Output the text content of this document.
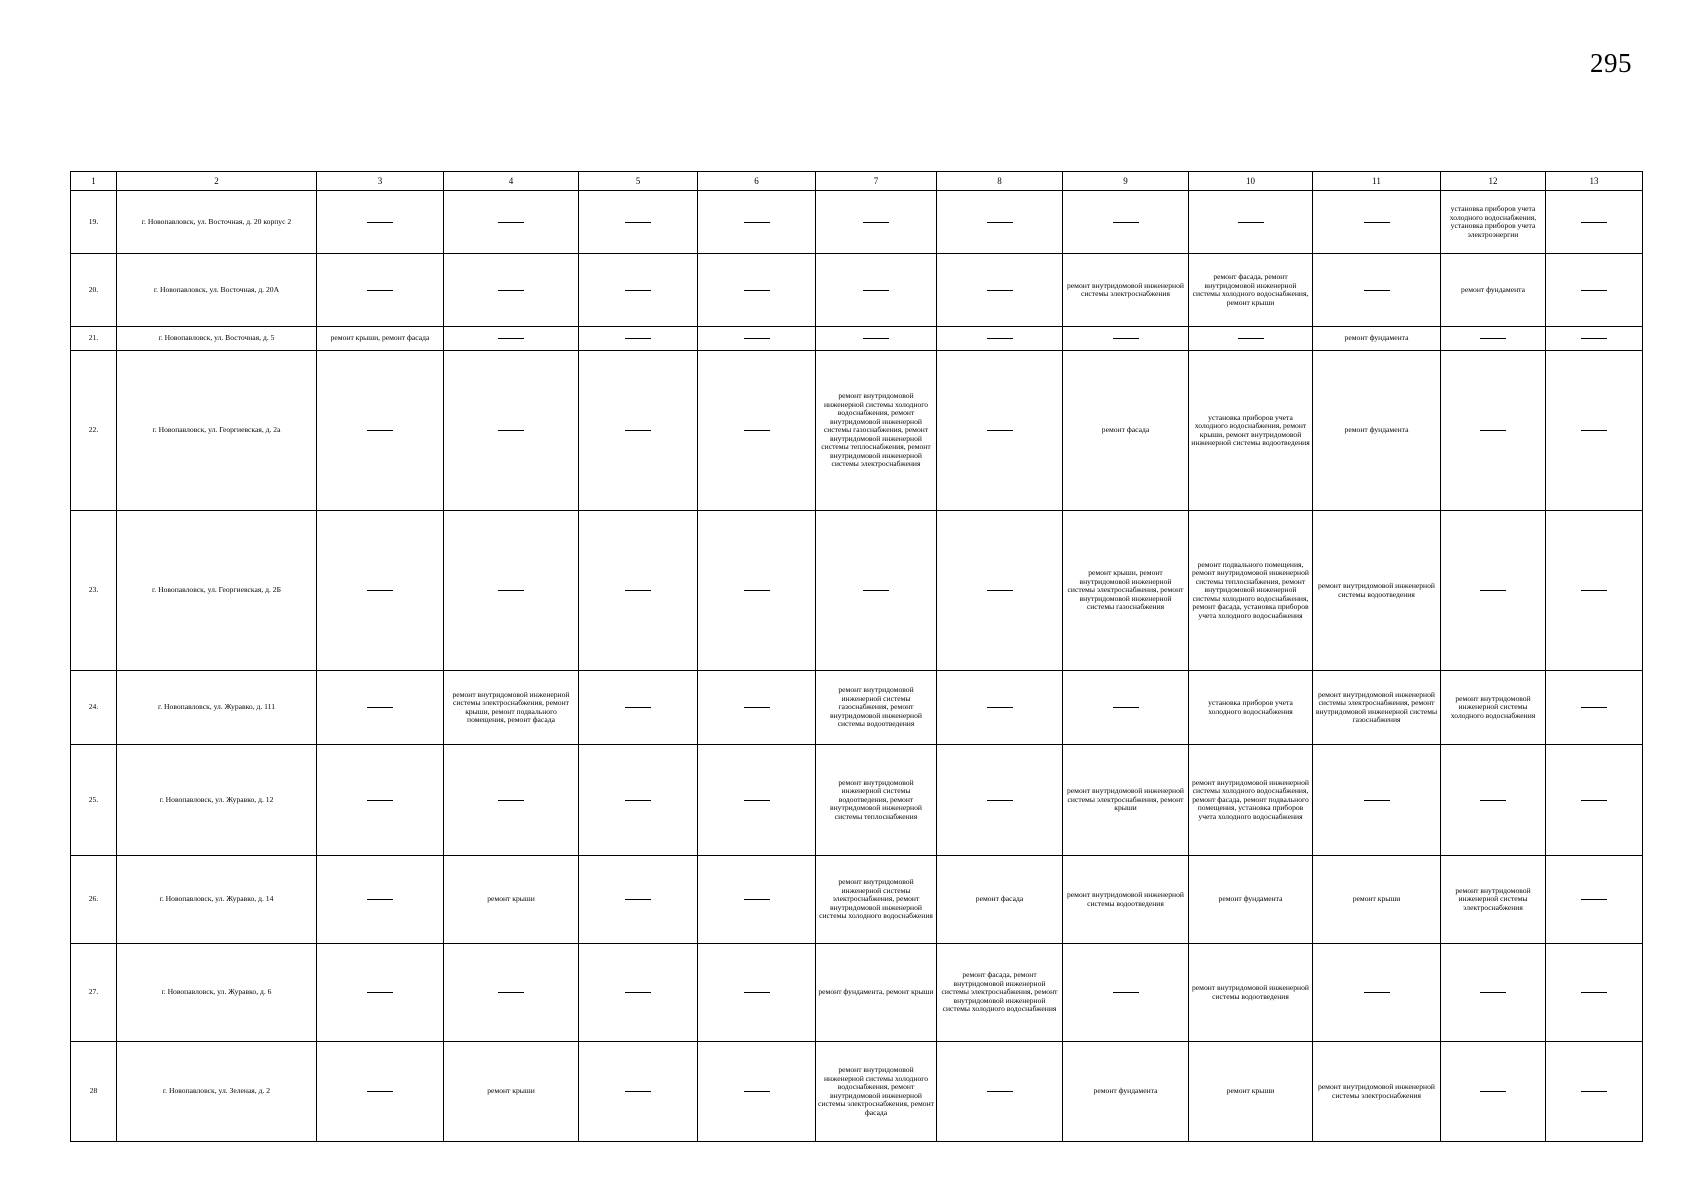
295
1	2	3	4	5	6	7	8	9	10	11	12	13
19.	г. Новопавловск, ул. Восточная, д. 20 корпус 2										установка приборов учета холодного водоснабжения, установка приборов учета электроэнергии	

20.	г. Новопавловск, ул. Восточная, д. 20А							ремонт внутридомовой инженерной системы электроснабжения	ремонт фасада, ремонт внутридомовой инженерной системы холодного водоснабжения, ремонт крыши		ремонт фундамента	

21.	г. Новопавловск, ул. Восточная, д. 5	ремонт крыши, ремонт фасада								ремонт фундамента		

22.	г. Новопавловск, ул. Георгиевская, д. 2а					ремонт внутридомовой инженерной системы холодного водоснабжения, ремонт внутридомовой инженерной системы газоснабжения, ремонт внутридомовой инженерной системы теплоснабжения, ремонт внутридомовой инженерной системы электроснабжения		ремонт фасада	установка приборов учета холодного водоснабжения, ремонт крыши, ремонт внутридомовой инженерной системы водоотведения	ремонт фундамента		

23.	г. Новопавловск, ул. Георгиевская, д. 2Б							ремонт крыши, ремонт внутридомовой инженерной системы электроснабжения, ремонт внутридомовой инженерной системы газоснабжения	ремонт подвального помещения, ремонт внутридомовой инженерной системы теплоснабжения, ремонт внутридомовой инженерной системы холодного водоснабжения, ремонт фасада, установка приборов учета холодного водоснабжения	ремонт внутридомовой инженерной системы водоотведения		

24.	г. Новопавловск, ул. Журавко, д. 111		ремонт внутридомовой инженерной системы электроснабжения, ремонт крыши, ремонт подвального помещения, ремонт фасада			ремонт внутридомовой инженерной системы газоснабжения, ремонт внутридомовой инженерной системы водоотведения			установка приборов учета холодного водоснабжения	ремонт внутридомовой инженерной системы электроснабжения, ремонт внутридомовой инженерной системы газоснабжения	ремонт внутридомовой инженерной системы холодного водоснабжения	

25.	г. Новопавловск, ул. Журавко, д. 12					ремонт внутридомовой инженерной системы водоотведения, ремонт внутридомовой инженерной системы теплоснабжения		ремонт внутридомовой инженерной системы электроснабжения, ремонт крыши	ремонт внутридомовой инженерной системы холодного водоснабжения, ремонт фасада, ремонт подвального помещения, установка приборов учета холодного водоснабжения			

26.	г. Новопавловск, ул. Журавко, д. 14		ремонт крыши			ремонт внутридомовой инженерной системы электроснабжения, ремонт внутридомовой инженерной системы холодного водоснабжения	ремонт фасада	ремонт внутридомовой инженерной системы водоотведения	ремонт фундамента	ремонт крыши	ремонт внутридомовой инженерной системы электроснабжения	

27.	г. Новопавловск, ул. Журавко, д. 6					ремонт фундамента, ремонт крыши	ремонт фасада, ремонт внутридомовой инженерной системы электроснабжения, ремонт внутридомовой инженерной системы холодного водоснабжения		ремонт внутридомовой инженерной системы водоотведения			

28	г. Новопавловск, ул. Зеленая, д. 2		ремонт крыши			ремонт внутридомовой инженерной системы холодного водоснабжения, ремонт внутридомовой инженерной системы электроснабжения, ремонт фасада		ремонт фундамента	ремонт крыши	ремонт внутридомовой инженерной системы электроснабжения		
